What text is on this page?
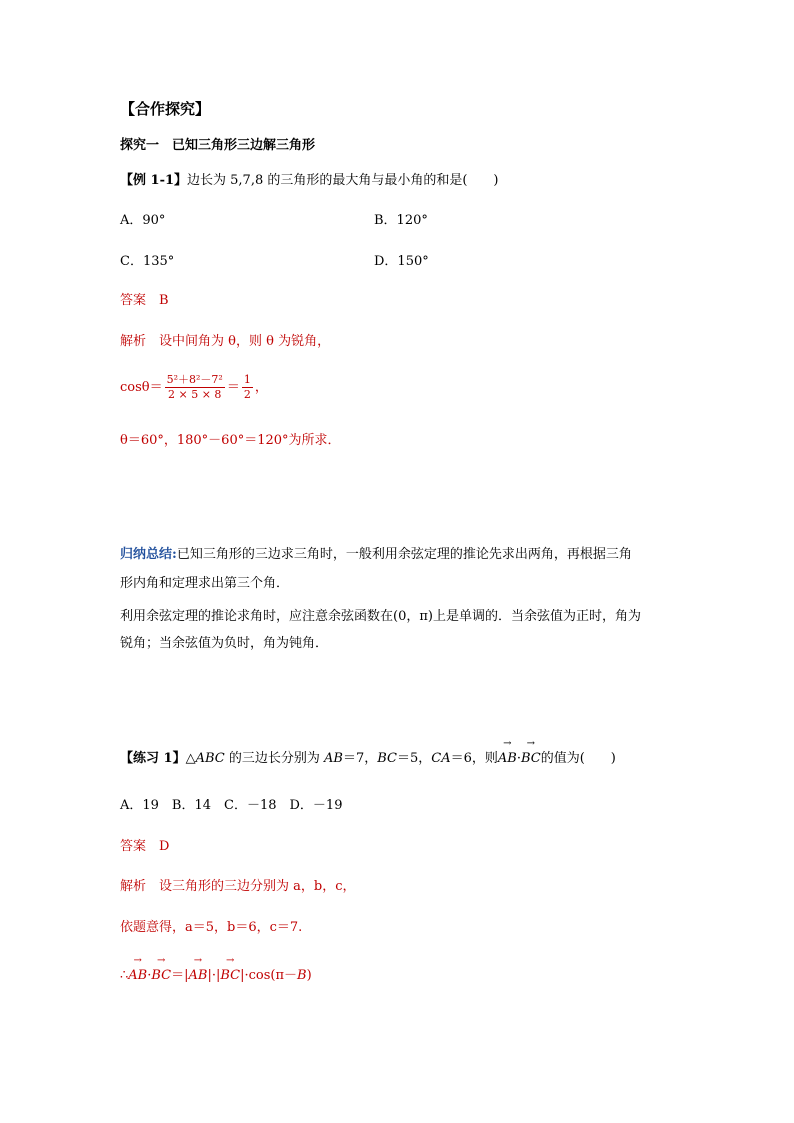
【合作探究】
探究一　已知三角形三边解三角形
【例 1-1】边长为 5,7,8 的三角形的最大角与最小角的和是(　　)
A．90°	B．120°
C．135°	D．150°
答案　 B
解析　 设中间角为 θ，则 θ 为锐角，
$\cos\theta= \frac{\text{5²＋8²－7²}}{2 \times 5 \times 8} = \frac{1}{2}$ ，
θ＝60°，180°－60°＝120°为所求．
归纳总结:已知三角形的三边求三角时，一般利用余弦定理的推论先求出两角，再根据三角
形内角和定理求出第三个角．
利用余弦定理的推论求角时，应注意余弦函数在(0，π)上是单调的．当余弦值为正时，角为
锐角；当余弦值为负时，角为钝角．
【练习 1】△ABC 的三边长分别为 AB＝7，BC＝5，CA＝6，则→ AB·→ BC的值为(　　)
A．19　B．14　C．－18　D．－19
答案　 D
解析　 设三角形的三边分别为 a，b，c，
依题意得，a＝5，b＝6，c＝7.
∴→ AB·→ BC＝|→ AB|·|→ BC|·cos(π－B)
